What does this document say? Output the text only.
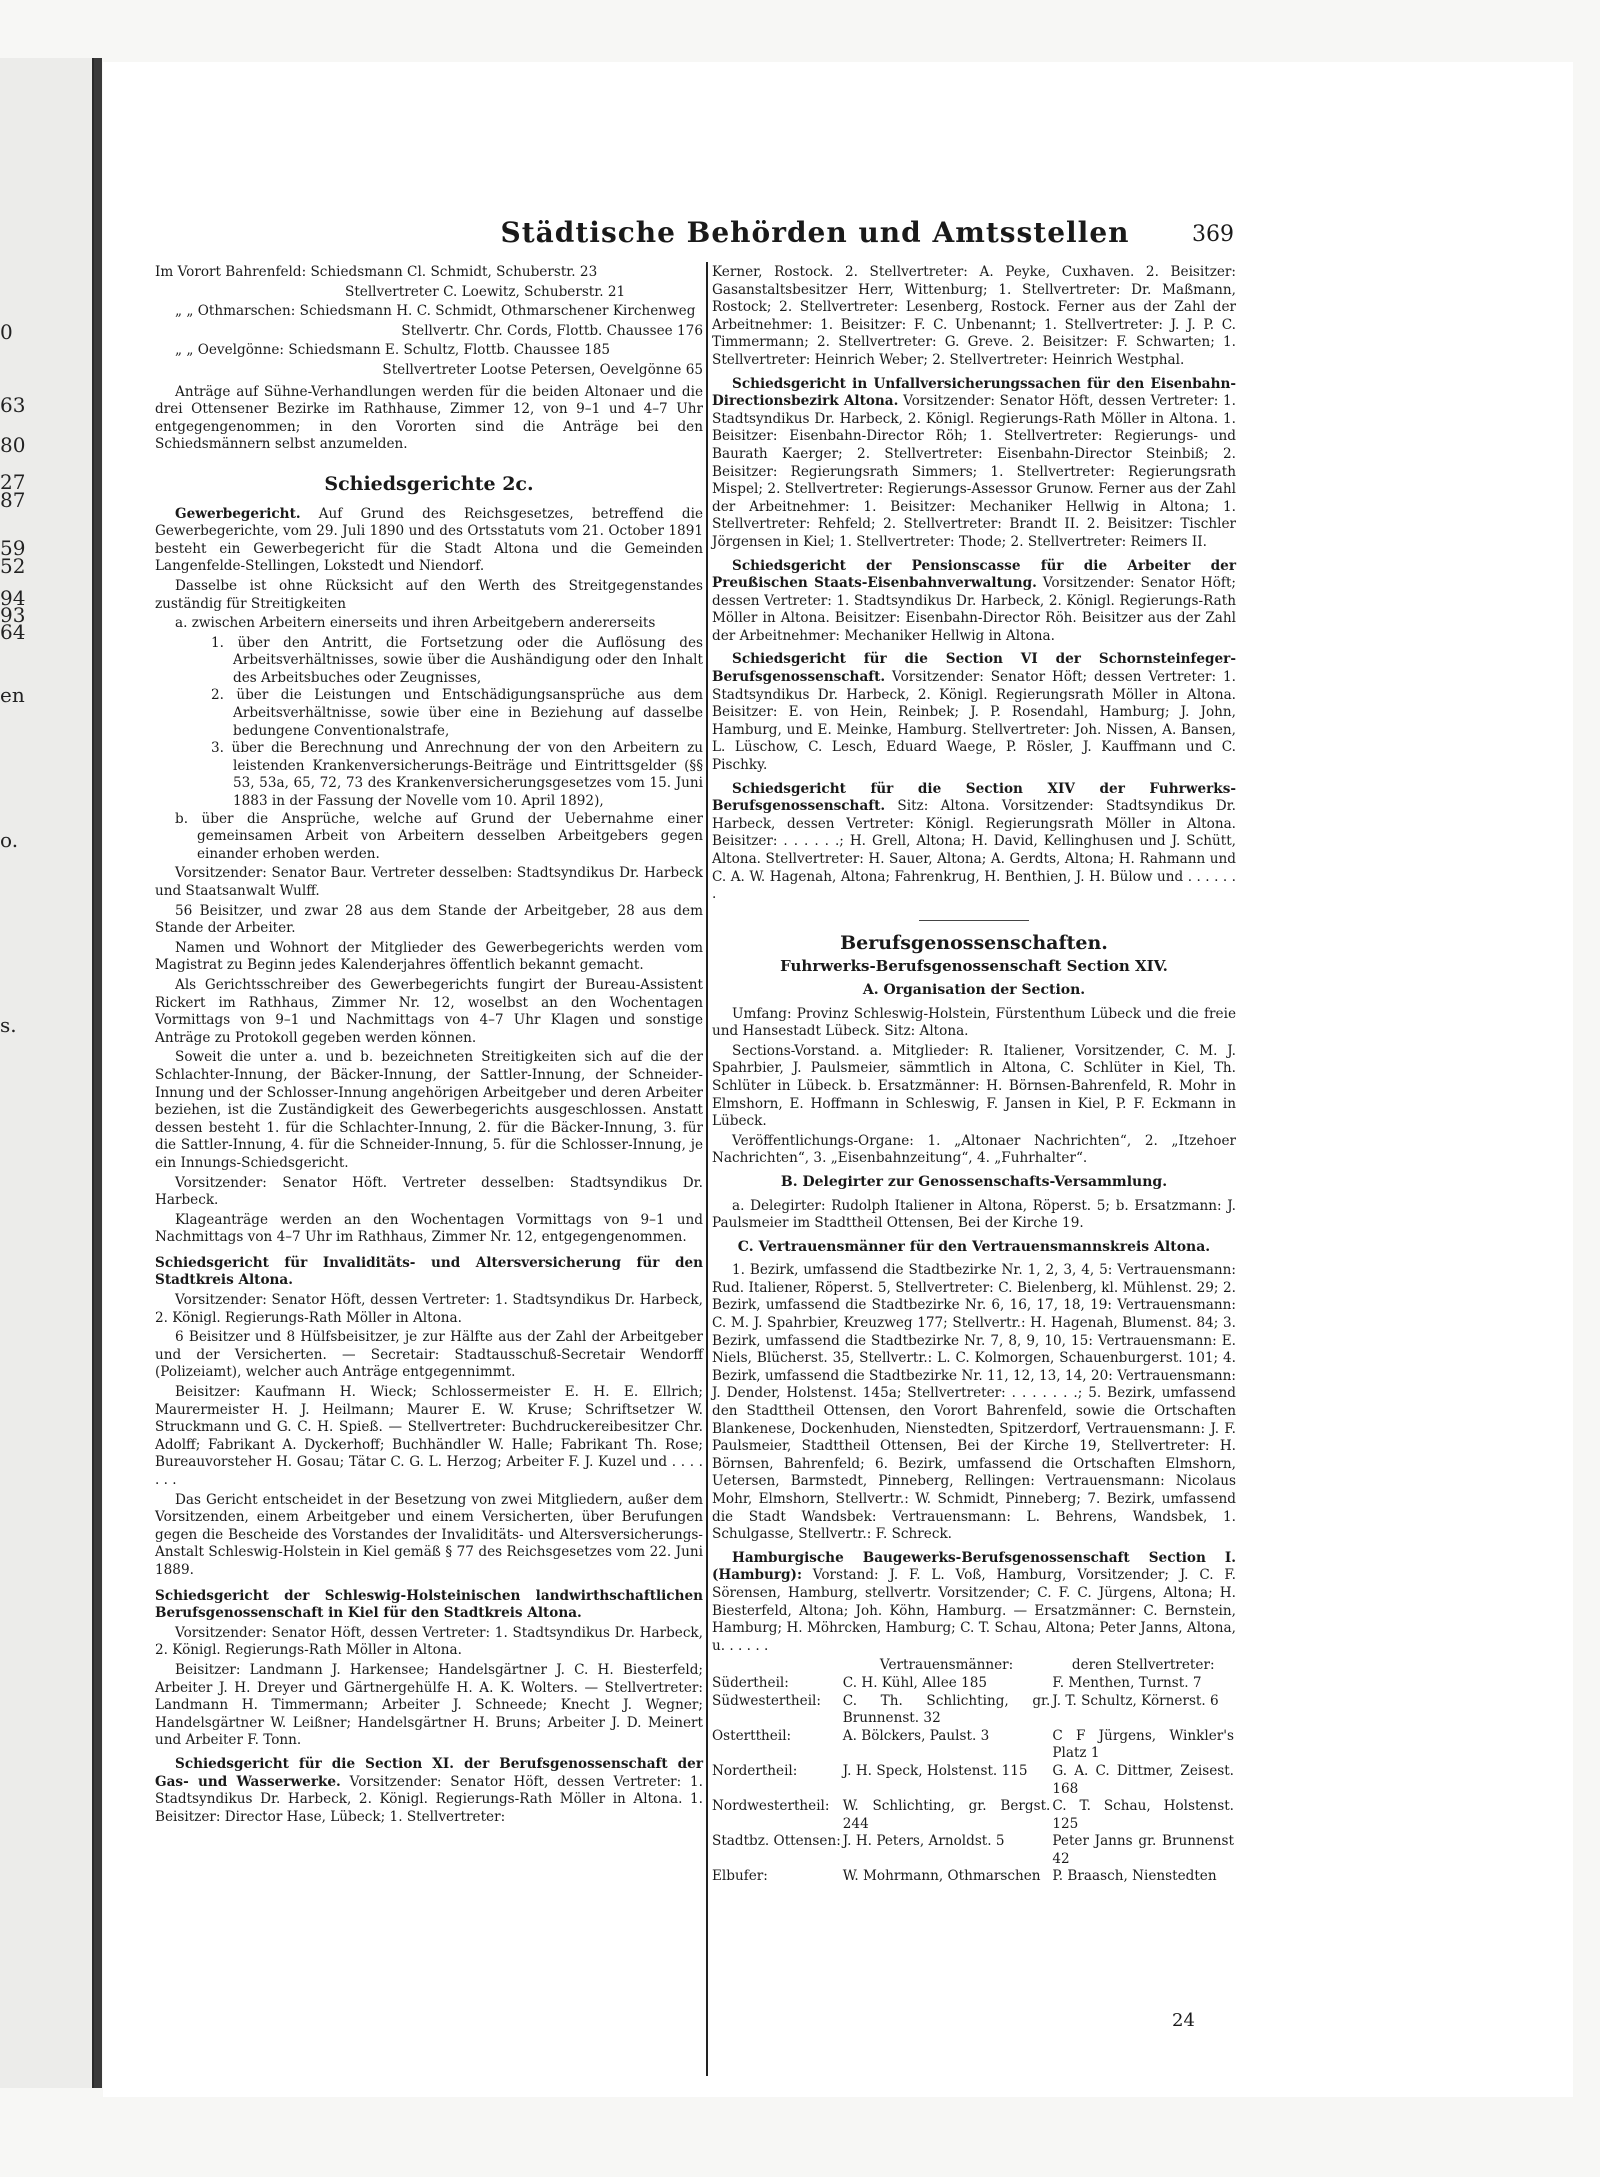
0
63
80
27
87
59
52
94
93
64
en
o.
s.
Städtische Behörden und Amtsstellen	369

Im Vorort Bahrenfeld: Schiedsmann Cl. Schmidt, Schuberstr. 23

Stellvertreter C. Loewitz, Schuberstr. 21

„ „ Othmarschen: Schiedsmann H. C. Schmidt, Othmarschener Kirchenweg

Stellvertr. Chr. Cords, Flottb. Chaussee 176

„ „ Oevelgönne: Schiedsmann E. Schultz, Flottb. Chaussee 185

Stellvertreter Lootse Petersen, Oevelgönne 65

Anträge auf Sühne-Verhandlungen werden für die beiden Altonaer und die drei Ottensener Bezirke im Rathhause, Zimmer 12, von 9–1 und 4–7 Uhr entgegengenommen; in den Vororten sind die Anträge bei den Schiedsmännern selbst anzumelden.

Schiedsgerichte 2c.

Gewerbegericht. Auf Grund des Reichsgesetzes, betreffend die Gewerbegerichte, vom 29. Juli 1890 und des Ortsstatuts vom 21. October 1891 besteht ein Gewerbegericht für die Stadt Altona und die Gemeinden Langenfelde-Stellingen, Lokstedt und Niendorf.

Dasselbe ist ohne Rücksicht auf den Werth des Streitgegenstandes zuständig für Streitigkeiten

a. zwischen Arbeitern einerseits und ihren Arbeitgebern andererseits

1. über den Antritt, die Fortsetzung oder die Auflösung des Arbeitsverhältnisses, sowie über die Aushändigung oder den Inhalt des Arbeitsbuches oder Zeugnisses,

2. über die Leistungen und Entschädigungsansprüche aus dem Arbeitsverhältnisse, sowie über eine in Beziehung auf dasselbe bedungene Conventionalstrafe,

3. über die Berechnung und Anrechnung der von den Arbeitern zu leistenden Krankenversicherungs-Beiträge und Eintrittsgelder (§§ 53, 53a, 65, 72, 73 des Krankenversicherungsgesetzes vom 15. Juni 1883 in der Fassung der Novelle vom 10. April 1892),

b. über die Ansprüche, welche auf Grund der Uebernahme einer gemeinsamen Arbeit von Arbeitern desselben Arbeitgebers gegen einander erhoben werden.

Vorsitzender: Senator Baur. Vertreter desselben: Stadtsyndikus Dr. Harbeck und Staatsanwalt Wulff.

56 Beisitzer, und zwar 28 aus dem Stande der Arbeitgeber, 28 aus dem Stande der Arbeiter.

Namen und Wohnort der Mitglieder des Gewerbegerichts werden vom Magistrat zu Beginn jedes Kalenderjahres öffentlich bekannt gemacht.

Als Gerichtsschreiber des Gewerbegerichts fungirt der Bureau-Assistent Rickert im Rathhaus, Zimmer Nr. 12, woselbst an den Wochentagen Vormittags von 9–1 und Nachmittags von 4–7 Uhr Klagen und sonstige Anträge zu Protokoll gegeben werden können.

Soweit die unter a. und b. bezeichneten Streitigkeiten sich auf die der Schlachter-Innung, der Bäcker-Innung, der Sattler-Innung, der Schneider-Innung und der Schlosser-Innung angehörigen Arbeitgeber und deren Arbeiter beziehen, ist die Zuständigkeit des Gewerbegerichts ausgeschlossen. Anstatt dessen besteht 1. für die Schlachter-Innung, 2. für die Bäcker-Innung, 3. für die Sattler-Innung, 4. für die Schneider-Innung, 5. für die Schlosser-Innung, je ein Innungs-Schiedsgericht.

Vorsitzender: Senator Höft. Vertreter desselben: Stadtsyndikus Dr. Harbeck.

Klageanträge werden an den Wochentagen Vormittags von 9–1 und Nachmittags von 4–7 Uhr im Rathhaus, Zimmer Nr. 12, entgegengenommen.

Schiedsgericht für Invaliditäts- und Altersversicherung für den Stadtkreis Altona.

Vorsitzender: Senator Höft, dessen Vertreter: 1. Stadtsyndikus Dr. Harbeck, 2. Königl. Regierungs-Rath Möller in Altona.

6 Beisitzer und 8 Hülfsbeisitzer, je zur Hälfte aus der Zahl der Arbeitgeber und der Versicherten. — Secretair: Stadtausschuß-Secretair Wendorff (Polizeiamt), welcher auch Anträge entgegennimmt.

Beisitzer: Kaufmann H. Wieck; Schlossermeister E. H. E. Ellrich; Maurermeister H. J. Heilmann; Maurer E. W. Kruse; Schriftsetzer W. Struckmann und G. C. H. Spieß. — Stellvertreter: Buchdruckereibesitzer Chr. Adolff; Fabrikant A. Dyckerhoff; Buchhändler W. Halle; Fabrikant Th. Rose; Bureauvorsteher H. Gosau; Tätar C. G. L. Herzog; Arbeiter F. J. Kuzel und . . . . . . .

Das Gericht entscheidet in der Besetzung von zwei Mitgliedern, außer dem Vorsitzenden, einem Arbeitgeber und einem Versicherten, über Berufungen gegen die Bescheide des Vorstandes der Invaliditäts- und Altersversicherungs-Anstalt Schleswig-Holstein in Kiel gemäß § 77 des Reichsgesetzes vom 22. Juni 1889.

Schiedsgericht der Schleswig-Holsteinischen landwirthschaftlichen Berufsgenossenschaft in Kiel für den Stadtkreis Altona.

Vorsitzender: Senator Höft, dessen Vertreter: 1. Stadtsyndikus Dr. Harbeck, 2. Königl. Regierungs-Rath Möller in Altona.

Beisitzer: Landmann J. Harkensee; Handelsgärtner J. C. H. Biesterfeld; Arbeiter J. H. Dreyer und Gärtnergehülfe H. A. K. Wolters. — Stellvertreter: Landmann H. Timmermann; Arbeiter J. Schneede; Knecht J. Wegner; Handelsgärtner W. Leißner; Handelsgärtner H. Bruns; Arbeiter J. D. Meinert und Arbeiter F. Tonn.

Schiedsgericht für die Section XI. der Berufsgenossenschaft der Gas- und Wasserwerke. Vorsitzender: Senator Höft, dessen Vertreter: 1. Stadtsyndikus Dr. Harbeck, 2. Königl. Regierungs-Rath Möller in Altona. 1. Beisitzer: Director Hase, Lübeck; 1. Stellvertreter:

Kerner, Rostock. 2. Stellvertreter: A. Peyke, Cuxhaven. 2. Beisitzer: Gasanstaltsbesitzer Herr, Wittenburg; 1. Stellvertreter: Dr. Maßmann, Rostock; 2. Stellvertreter: Lesenberg, Rostock. Ferner aus der Zahl der Arbeitnehmer: 1. Beisitzer: F. C. Unbenannt; 1. Stellvertreter: J. J. P. C. Timmermann; 2. Stellvertreter: G. Greve. 2. Beisitzer: F. Schwarten; 1. Stellvertreter: Heinrich Weber; 2. Stellvertreter: Heinrich Westphal.

Schiedsgericht in Unfallversicherungssachen für den Eisenbahn-Directionsbezirk Altona. Vorsitzender: Senator Höft, dessen Vertreter: 1. Stadtsyndikus Dr. Harbeck, 2. Königl. Regierungs-Rath Möller in Altona. 1. Beisitzer: Eisenbahn-Director Röh; 1. Stellvertreter: Regierungs- und Baurath Kaerger; 2. Stellvertreter: Eisenbahn-Director Steinbiß; 2. Beisitzer: Regierungsrath Simmers; 1. Stellvertreter: Regierungsrath Mispel; 2. Stellvertreter: Regierungs-Assessor Grunow. Ferner aus der Zahl der Arbeitnehmer: 1. Beisitzer: Mechaniker Hellwig in Altona; 1. Stellvertreter: Rehfeld; 2. Stellvertreter: Brandt II. 2. Beisitzer: Tischler Jörgensen in Kiel; 1. Stellvertreter: Thode; 2. Stellvertreter: Reimers II.

Schiedsgericht der Pensionscasse für die Arbeiter der Preußischen Staats-Eisenbahnverwaltung. Vorsitzender: Senator Höft; dessen Vertreter: 1. Stadtsyndikus Dr. Harbeck, 2. Königl. Regierungs-Rath Möller in Altona. Beisitzer: Eisenbahn-Director Röh. Beisitzer aus der Zahl der Arbeitnehmer: Mechaniker Hellwig in Altona.

Schiedsgericht für die Section VI der Schornsteinfeger-Berufsgenossenschaft. Vorsitzender: Senator Höft; dessen Vertreter: 1. Stadtsyndikus Dr. Harbeck, 2. Königl. Regierungsrath Möller in Altona. Beisitzer: E. von Hein, Reinbek; J. P. Rosendahl, Hamburg; J. John, Hamburg, und E. Meinke, Hamburg. Stellvertreter: Joh. Nissen, A. Bansen, L. Lüschow, C. Lesch, Eduard Waege, P. Rösler, J. Kauffmann und C. Pischky.

Schiedsgericht für die Section XIV der Fuhrwerks-Berufsgenossenschaft. Sitz: Altona. Vorsitzender: Stadtsyndikus Dr. Harbeck, dessen Vertreter: Königl. Regierungsrath Möller in Altona. Beisitzer: . . . . . .; H. Grell, Altona; H. David, Kellinghusen und J. Schütt, Altona. Stellvertreter: H. Sauer, Altona; A. Gerdts, Altona; H. Rahmann und C. A. W. Hagenah, Altona; Fahrenkrug, H. Benthien, J. H. Bülow und . . . . . . .

Berufsgenossenschaften.
Fuhrwerks-Berufsgenossenschaft Section XIV.
A. Organisation der Section.

Umfang: Provinz Schleswig-Holstein, Fürstenthum Lübeck und die freie und Hansestadt Lübeck. Sitz: Altona.

Sections-Vorstand. a. Mitglieder: R. Italiener, Vorsitzender, C. M. J. Spahrbier, J. Paulsmeier, sämmtlich in Altona, C. Schlüter in Kiel, Th. Schlüter in Lübeck. b. Ersatzmänner: H. Börnsen-Bahrenfeld, R. Mohr in Elmshorn, E. Hoffmann in Schleswig, F. Jansen in Kiel, P. F. Eckmann in Lübeck.

Veröffentlichungs-Organe: 1. „Altonaer Nachrichten“, 2. „Itzehoer Nachrichten“, 3. „Eisenbahnzeitung“, 4. „Fuhrhalter“.

B. Delegirter zur Genossenschafts-Versammlung.

a. Delegirter: Rudolph Italiener in Altona, Röperst. 5; b. Ersatzmann: J. Paulsmeier im Stadttheil Ottensen, Bei der Kirche 19.

C. Vertrauensmänner für den Vertrauensmannskreis Altona.

1. Bezirk, umfassend die Stadtbezirke Nr. 1, 2, 3, 4, 5: Vertrauensmann: Rud. Italiener, Röperst. 5, Stellvertreter: C. Bielenberg, kl. Mühlenst. 29; 2. Bezirk, umfassend die Stadtbezirke Nr. 6, 16, 17, 18, 19: Vertrauensmann: C. M. J. Spahrbier, Kreuzweg 177; Stellvertr.: H. Hagenah, Blumenst. 84; 3. Bezirk, umfassend die Stadtbezirke Nr. 7, 8, 9, 10, 15: Vertrauensmann: E. Niels, Blücherst. 35, Stellvertr.: L. C. Kolmorgen, Schauenburgerst. 101; 4. Bezirk, umfassend die Stadtbezirke Nr. 11, 12, 13, 14, 20: Vertrauensmann: J. Dender, Holstenst. 145a; Stellvertreter: . . . . . . .; 5. Bezirk, umfassend den Stadttheil Ottensen, den Vorort Bahrenfeld, sowie die Ortschaften Blankenese, Dockenhuden, Nienstedten, Spitzerdorf, Vertrauensmann: J. F. Paulsmeier, Stadttheil Ottensen, Bei der Kirche 19, Stellvertreter: H. Börnsen, Bahrenfeld; 6. Bezirk, umfassend die Ortschaften Elmshorn, Uetersen, Barmstedt, Pinneberg, Rellingen: Vertrauensmann: Nicolaus Mohr, Elmshorn, Stellvertr.: W. Schmidt, Pinneberg; 7. Bezirk, umfassend die Stadt Wandsbek: Vertrauensmann: L. Behrens, Wandsbek, 1. Schulgasse, Stellvertr.: F. Schreck.

Hamburgische Baugewerks-Berufsgenossenschaft Section I. (Hamburg): Vorstand: J. F. L. Voß, Hamburg, Vorsitzender; J. C. F. Sörensen, Hamburg, stellvertr. Vorsitzender; C. F. C. Jürgens, Altona; H. Biesterfeld, Altona; Joh. Köhn, Hamburg. — Ersatzmänner: C. Bernstein, Hamburg; H. Möhrcken, Hamburg; C. T. Schau, Altona; Peter Janns, Altona, u. . . . . .

	Vertrauensmänner:	deren Stellvertreter:
Südertheil:	C. H. Kühl, Allee 185	F. Menthen, Turnst. 7
Südwestertheil:	C. Th. Schlichting, gr. Brunnenst. 32	J. T. Schultz, Körnerst. 6
Osterttheil:	A. Bölckers, Paulst. 3	C F Jürgens, Winkler's Platz 1
Nordertheil:	J. H. Speck, Holstenst. 115	G. A. C. Dittmer, Zeisest. 168
Nordwestertheil:	W. Schlichting, gr. Bergst. 244	C. T. Schau, Holstenst. 125
Stadtbz. Ottensen:	J. H. Peters, Arnoldst. 5	Peter Janns gr. Brunnenst 42
Elbufer:	W. Mohrmann, Othmarschen	P. Braasch, Nienstedten
24
